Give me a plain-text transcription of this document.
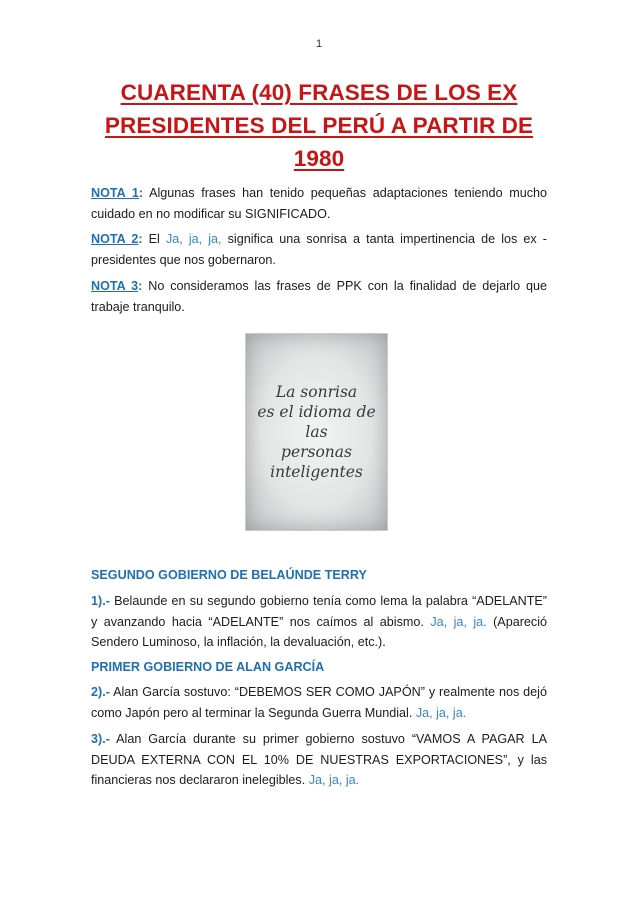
1
CUARENTA (40) FRASES DE LOS EX PRESIDENTES DEL PERÚ A PARTIR DE 1980
NOTA 1: Algunas frases han tenido pequeñas adaptaciones teniendo mucho cuidado en no modificar su SIGNIFICADO.
NOTA 2: El Ja, ja, ja, significa una sonrisa a tanta impertinencia de los ex - presidentes que nos gobernaron.
NOTA 3: No consideramos las frases de PPK con la finalidad de dejarlo que trabaje tranquilo.
La sonrisa
es el idioma de las
personas inteligentes
SEGUNDO GOBIERNO DE BELAÚNDE TERRY
1).- Belaunde en su segundo gobierno tenía como lema la palabra “ADELANTE” y avanzando hacia “ADELANTE” nos caímos al abismo. Ja, ja, ja. (Apareció Sendero Luminoso, la inflación, la devaluación, etc.).
PRIMER GOBIERNO DE ALAN GARCÍA
2).- Alan García sostuvo: “DEBEMOS SER COMO JAPÓN” y realmente nos dejó como Japón pero al terminar la Segunda Guerra Mundial. Ja, ja, ja.
3).- Alan García durante su primer gobierno sostuvo “VAMOS A PAGAR LA DEUDA EXTERNA CON EL 10% DE NUESTRAS EXPORTACIONES”, y las financieras nos declararon inelegibles. Ja, ja, ja.
